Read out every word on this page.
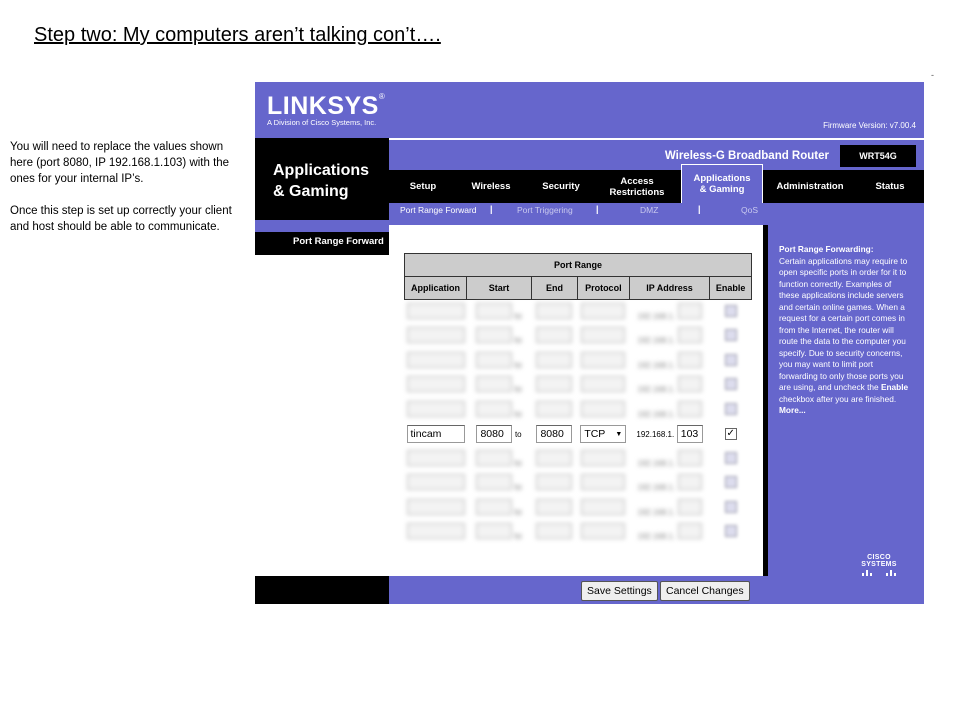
Step two: My computers aren’t talking con’t….

You will need to replace the values shown here (port 8080, IP 192.168.1.103) with the ones for your internal IP’s.

Once this step is set up correctly your client and host should be able to communicate.

-
LINKSYS®
A Division of Cisco Systems, Inc.	Firmware Version: v7.00.4
Applications
& Gaming
Wireless-G Broadband Router	WRT54G
Setup	Wireless	Security	Access
Restrictions
Applications
& Gaming	Administration	Status
Port Range Forward |	Port Triggering	|	DMZ	|	QoS
Port Range Forward
Port Range					
Application	Start	End	Protocol	IP Address	Enable
	to			192.168.1.	
	to			192.168.1.	
	to			192.168.1.	
	to			192.168.1.	
	to			192.168.1.	
tincam	8080 to	8080	TCP ▼	192.168.1. 103	✓
	to			192.168.1.	
	to			192.168.1.	
	to			192.168.1.	
	to			192.168.1.	
Port Range Forwarding:
Certain applications may require to open specific ports in order for it to function correctly. Examples of these applications include servers and certain online games. When a request for a certain port comes in from the Internet, the router will route the data to the computer you specify. Due to security concerns, you may want to limit port forwarding to only those ports you are using, and uncheck the Enable checkbox after you are finished.
More...
CISCO SYSTEMS
Save Settings	Cancel Changes
